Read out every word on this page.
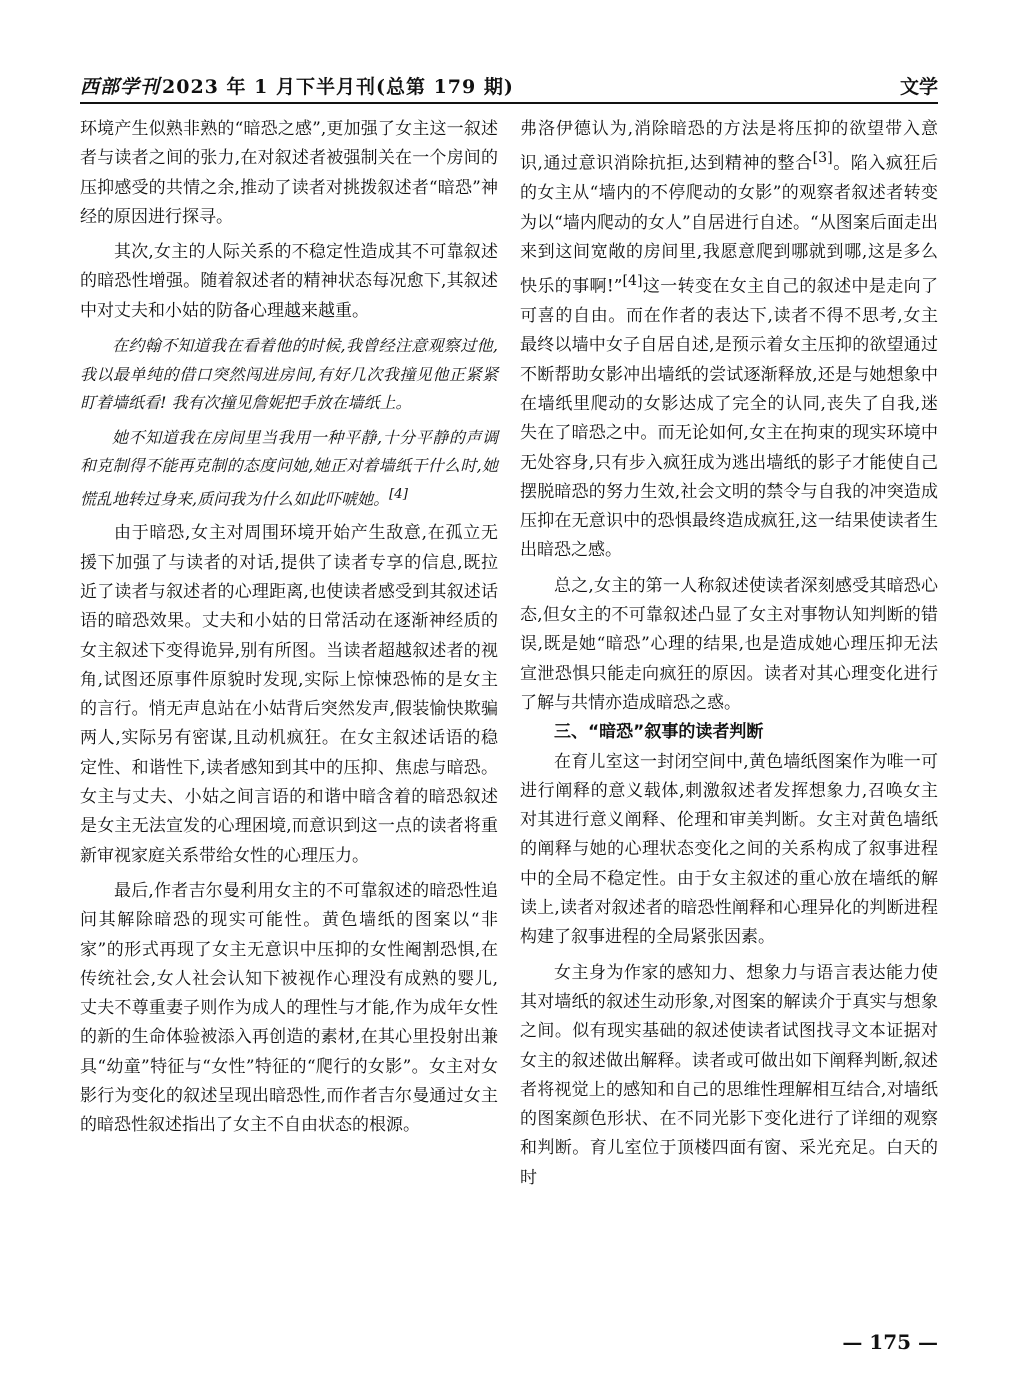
西部学刊 2023 年 1 月下半月刊(总第 179 期)	文学

环境产生似熟非熟的“暗恐之感”,更加强了女主这一叙述者与读者之间的张力,在对叙述者被强制关在一个房间的压抑感受的共情之余,推动了读者对挑拨叙述者“暗恐”神经的原因进行探寻。

其次,女主的人际关系的不稳定性造成其不可靠叙述的暗恐性增强。随着叙述者的精神状态每况愈下,其叙述中对丈夫和小姑的防备心理越来越重。

在约翰不知道我在看着他的时候,我曾经注意观察过他,我以最单纯的借口突然闯进房间,有好几次我撞见他正紧紧盯着墙纸看! 我有次撞见詹妮把手放在墙纸上。

她不知道我在房间里当我用一种平静,十分平静的声调和克制得不能再克制的态度问她,她正对着墙纸干什么时,她慌乱地转过身来,质问我为什么如此吓唬她。[4]

由于暗恐,女主对周围环境开始产生敌意,在孤立无援下加强了与读者的对话,提供了读者专享的信息,既拉近了读者与叙述者的心理距离,也使读者感受到其叙述话语的暗恐效果。丈夫和小姑的日常活动在逐渐神经质的女主叙述下变得诡异,别有所图。当读者超越叙述者的视角,试图还原事件原貌时发现,实际上惊悚恐怖的是女主的言行。悄无声息站在小姑背后突然发声,假装愉快欺骗两人,实际另有密谋,且动机疯狂。在女主叙述话语的稳定性、和谐性下,读者感知到其中的压抑、焦虑与暗恐。女主与丈夫、小姑之间言语的和谐中暗含着的暗恐叙述是女主无法宣发的心理困境,而意识到这一点的读者将重新审视家庭关系带给女性的心理压力。

最后,作者吉尔曼利用女主的不可靠叙述的暗恐性追问其解除暗恐的现实可能性。黄色墙纸的图案以“非家”的形式再现了女主无意识中压抑的女性阉割恐惧,在传统社会,女人社会认知下被视作心理没有成熟的婴儿,丈夫不尊重妻子则作为成人的理性与才能,作为成年女性的新的生命体验被添入再创造的素材,在其心里投射出兼具“幼童”特征与“女性”特征的“爬行的女影”。女主对女影行为变化的叙述呈现出暗恐性,而作者吉尔曼通过女主的暗恐性叙述指出了女主不自由状态的根源。

弗洛伊德认为,消除暗恐的方法是将压抑的欲望带入意识,通过意识消除抗拒,达到精神的整合[3]。陷入疯狂后的女主从“墙内的不停爬动的女影”的观察者叙述者转变为以“墙内爬动的女人”自居进行自述。“从图案后面走出来到这间宽敞的房间里,我愿意爬到哪就到哪,这是多么快乐的事啊!”[4]这一转变在女主自己的叙述中是走向了可喜的自由。而在作者的表达下,读者不得不思考,女主最终以墙中女子自居自述,是预示着女主压抑的欲望通过不断帮助女影冲出墙纸的尝试逐渐释放,还是与她想象中在墙纸里爬动的女影达成了完全的认同,丧失了自我,迷失在了暗恐之中。而无论如何,女主在拘束的现实环境中无处容身,只有步入疯狂成为逃出墙纸的影子才能使自己摆脱暗恐的努力生效,社会文明的禁令与自我的冲突造成压抑在无意识中的恐惧最终造成疯狂,这一结果使读者生出暗恐之感。

总之,女主的第一人称叙述使读者深刻感受其暗恐心态,但女主的不可靠叙述凸显了女主对事物认知判断的错误,既是她“暗恐”心理的结果,也是造成她心理压抑无法宣泄恐惧只能走向疯狂的原因。读者对其心理变化进行了解与共情亦造成暗恐之惑。

三、“暗恐”叙事的读者判断

在育儿室这一封闭空间中,黄色墙纸图案作为唯一可进行阐释的意义载体,刺激叙述者发挥想象力,召唤女主对其进行意义阐释、伦理和审美判断。女主对黄色墙纸的阐释与她的心理状态变化之间的关系构成了叙事进程中的全局不稳定性。由于女主叙述的重心放在墙纸的解读上,读者对叙述者的暗恐性阐释和心理异化的判断进程构建了叙事进程的全局紧张因素。

女主身为作家的感知力、想象力与语言表达能力使其对墙纸的叙述生动形象,对图案的解读介于真实与想象之间。似有现实基础的叙述使读者试图找寻文本证据对女主的叙述做出解释。读者或可做出如下阐释判断,叙述者将视觉上的感知和自己的思维性理解相互结合,对墙纸的图案颜色形状、在不同光影下变化进行了详细的观察和判断。育儿室位于顶楼四面有窗、采光充足。白天的时

— 175 —
